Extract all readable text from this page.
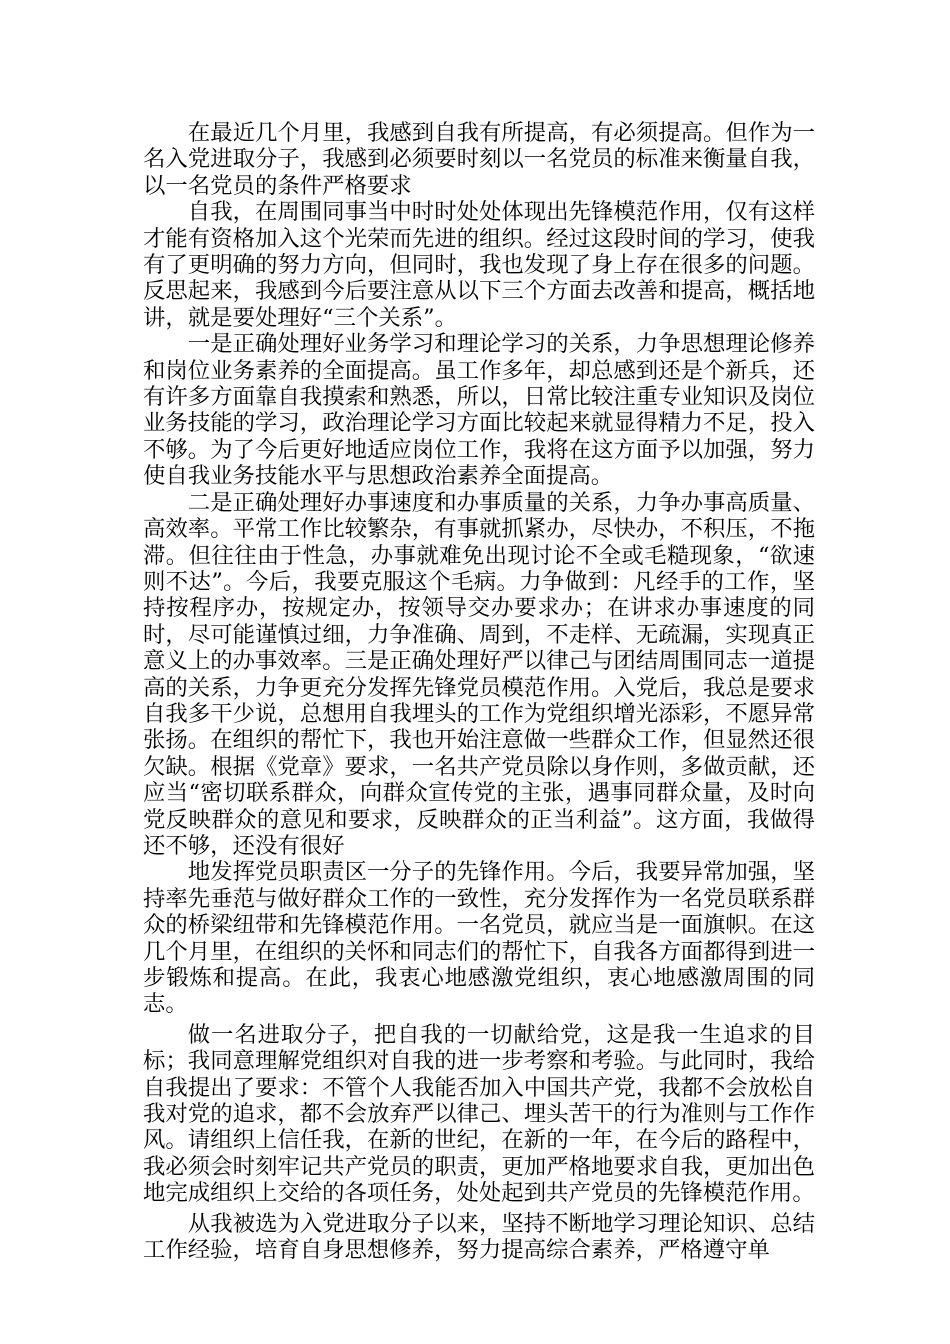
在最近几个月里，我感到自我有所提高，有必须提高。但作为一名入党进取分子，我感到必须要时刻以一名党员的标准来衡量自我，以一名党员的条件严格要求

自我，在周围同事当中时时处处体现出先锋模范作用，仅有这样才能有资格加入这个光荣而先进的组织。经过这段时间的学习，使我有了更明确的努力方向，但同时，我也发现了身上存在很多的问题。反思起来，我感到今后要注意从以下三个方面去改善和提高，概括地讲，就是要处理好“三个关系”。

一是正确处理好业务学习和理论学习的关系，力争思想理论修养和岗位业务素养的全面提高。虽工作多年，却总感到还是个新兵，还有许多方面靠自我摸索和熟悉，所以，日常比较注重专业知识及岗位业务技能的学习，政治理论学习方面比较起来就显得精力不足，投入不够。为了今后更好地适应岗位工作，我将在这方面予以加强，努力使自我业务技能水平与思想政治素养全面提高。

二是正确处理好办事速度和办事质量的关系，力争办事高质量、高效率。平常工作比较繁杂，有事就抓紧办，尽快办，不积压，不拖滞。但往往由于性急，办事就难免出现讨论不全或毛糙现象，“欲速则不达”。今后，我要克服这个毛病。力争做到：凡经手的工作，坚持按程序办，按规定办，按领导交办要求办；在讲求办事速度的同时，尽可能谨慎过细，力争准确、周到，不走样、无疏漏，实现真正意义上的办事效率。三是正确处理好严以律己与团结周围同志一道提高的关系，力争更充分发挥先锋党员模范作用。入党后，我总是要求自我多干少说，总想用自我埋头的工作为党组织增光添彩，不愿异常张扬。在组织的帮忙下，我也开始注意做一些群众工作，但显然还很欠缺。根据《党章》要求，一名共产党员除以身作则，多做贡献，还应当“密切联系群众，向群众宣传党的主张，遇事同群众量，及时向党反映群众的意见和要求，反映群众的正当利益”。这方面，我做得还不够，还没有很好

地发挥党员职责区一分子的先锋作用。今后，我要异常加强，坚持率先垂范与做好群众工作的一致性，充分发挥作为一名党员联系群众的桥梁纽带和先锋模范作用。一名党员，就应当是一面旗帜。在这几个月里，在组织的关怀和同志们的帮忙下，自我各方面都得到进一 步锻炼和提高。在此，我衷心地感激党组织，衷心地感激周围的同志。

做一名进取分子，把自我的一切献给党，这是我一生追求的目标；我同意理解党组织对自我的进一步考察和考验。与此同时，我给自我提出了要求：不管个人我能否加入中国共产党，我都不会放松自我对党的追求，都不会放弃严以律己、埋头苦干的行为准则与工作作风。请组织上信任我，在新的世纪，在新的一年，在今后的路程中，我必须会时刻牢记共产党员的职责，更加严格地要求自我，更加出色地完成组织上交给的各项任务，处处起到共产党员的先锋模范作用。

从我被选为入党进取分子以来，坚持不断地学习理论知识、总结工作经验，培育自身思想修养，努力提高综合素养，严格遵守单
